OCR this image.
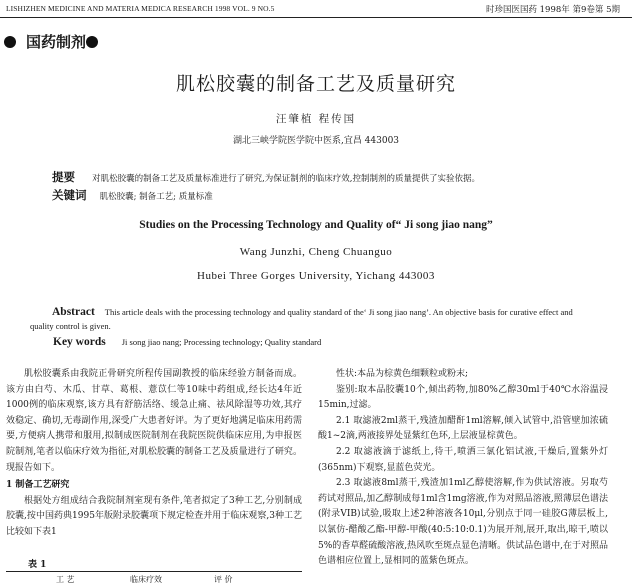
LISHIZHEN MEDICINE AND MATERIA MEDICA RESEARCH 1998 VOL. 9 NO.5	时珍国医国药 1998年 第9卷第 5期
国药制剂
肌松胶囊的制备工艺及质量研究
汪肇植 程传国
湖北三峡学院医学院中医系,宜昌 443003
提要 对肌松胶囊的制备工艺及质量标准进行了研究,为保证制剂的临床疗效,控制制剂的质量提供了实验依据。
关键词 肌松胶囊; 制备工艺; 质量标准
Studies on the Processing Technology and Quality of“ Ji song jiao nang”
Wang Junzhi, Cheng Chuanguo
Hubei Three Gorges University, Yichang 443003
Abstract This article deals with the processing technology and quality standard of the‘ Ji song jiao nang’. An objective basis for curative effect and quality control is given.
Key words Ji song jiao nang; Processing technology; Quality standard

肌松胶囊系由我院正骨研究所程传国副教授的临床经验方制备而成。该方由白芍、木瓜、甘草、葛根、薏苡仁等10味中药组成,经长达4年近1000例的临床观察,该方具有舒筋活络、缓急止痛、祛风除湿等功效,其疗效稳定、确切,无毒副作用,深受广大患者好评。为了更好地满足临床用药需要,方便病人携带和服用,拟制成医院制剂在我院医院供临床应用,为申报医院制剂,笔者以临床疗效为指征,对肌松胶囊的制备工艺及质量进行了研究。现报告如下。

1 制备工艺研究

根据处方组成结合我院制剂室现有条件,笔者拟定了3种工艺,分别制成胶囊,按中国药典1995年版附录胶囊项下规定检查并用于临床观察,3种工艺比较如下表1

表 1
工 艺	临床疗效	评 价

性状:本品为棕黄色细颗粒或粉末;

鉴别:取本品胶囊10个,倾出药物,加80%乙醇30ml于40℃水浴温浸15min,过滤。

2.1 取滤液2ml蒸干,残渣加醋酐1ml溶解,倾入试管中,沿管壁加浓硫酸1~2滴,两液接界处显紫红色环,上层液显棕黄色。

2.2 取滤液滴于滤纸上,待干,喷洒三氯化铝试液,干燥后,置紫外灯(365nm)下观察,显蓝色荧光。

2.3 取滤液8ml蒸干,残渣加1ml乙醇使溶解,作为供试溶液。另取芍药试对照品,加乙醇制成每1ml含1mg溶液,作为对照品溶液,照薄层色谱法(附录VIB)试验,吸取上述2种溶液各10μl,分别点于同一硅胶G薄层板上,以氯仿-醋酸乙酯-甲醇-甲酸(40:5:10:0.1)为展开剂,展开,取出,晾干,喷以5%的香草醛硫酸溶液,热风吹至斑点显色清晰。供试品色谱中,在于对照品色谱相应位置上,显相同的蓝紫色斑点。
